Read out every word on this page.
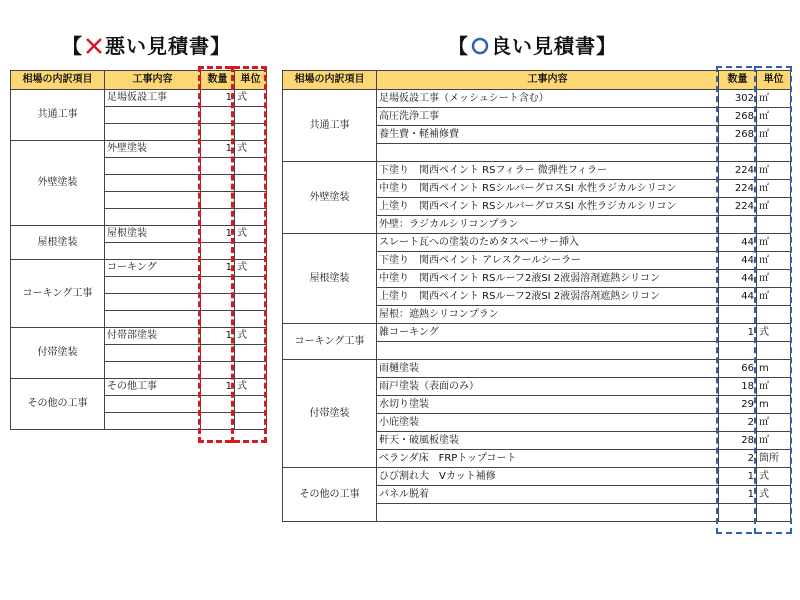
【 悪い見積書】	【 良い見積書】
相場の内訳項目	工事内容	数量	単位
共通工事	足場仮設工事	1	式

外壁塗装	外壁塗装	1	式

屋根塗装	屋根塗装	1	式

コーキング工事	コーキング	1	式

付帯塗装	付帯部塗装	1	式

その他の工事	その他工事	1	式

相場の内訳項目	工事内容	数量	単位
共通工事	足場仮設工事（メッシュシート含む）	302	㎡
	高圧洗浄工事	268	㎡
	養生費・軽補修費	268	㎡

外壁塗装	下塗り　関西ペイント RSフィラー 微弾性フィラー	224	㎡
	中塗り　関西ペイント RSシルバーグロスSI 水性ラジカルシリコン	224	㎡
	上塗り　関西ペイント RSシルバーグロスSI 水性ラジカルシリコン	224	㎡
	外壁：ラジカルシリコンプラン		
屋根塗装	スレート瓦への塗装のためタスペーサー挿入	44	㎡
	下塗り　関西ペイント アレスクールシーラー	44	㎡
	中塗り　関西ペイント RSルーフ2液SI 2液弱溶剤遮熱シリコン	44	㎡
	上塗り　関西ペイント RSルーフ2液SI 2液弱溶剤遮熱シリコン	44	㎡
	屋根：遮熱シリコンプラン		
コーキング工事	雑コーキング	1	式

付帯塗装	雨樋塗装	66	m
	雨戸塗装（表面のみ）	18	㎡
	水切り塗装	29	m
	小庇塗装	2	㎡
	軒天・破風板塗装	28	㎡
	ベランダ床　FRPトップコート	2	箇所
その他の工事	ひび割れ大　Vカット補修	1	式
	パネル脱着	1	式
